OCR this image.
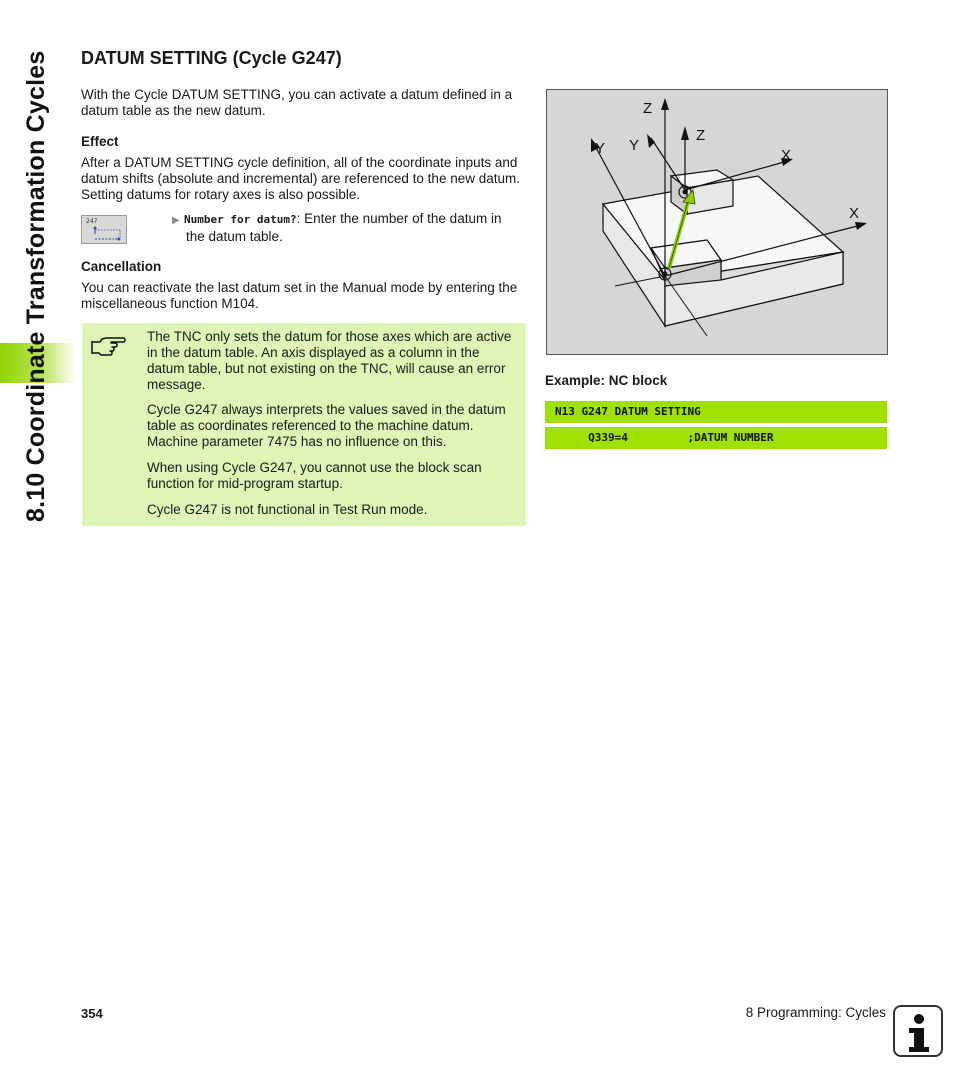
8.10 Coordinate Transformation Cycles DATUM SETTING (Cycle G247)

With the Cycle DATUM SETTING, you can activate a datum defined in a datum table as the new datum.

Effect

After a DATUM SETTING cycle definition, all of the coordinate inputs and datum shifts (absolute and incremental) are referenced to the new datum. Setting datums for rotary axes is also possible.

247	▶ Number for datum?: Enter the number of the datum in
the datum table.
Cancellation

You can reactivate the last datum set in the Manual mode by entering the miscellaneous function M104.

The TNC only sets the datum for those axes which are active in the datum table. An axis displayed as a column in the datum table, but not existing on the TNC, will cause an error message.

Cycle G247 always interprets the values saved in the datum table as coordinates referenced to the machine datum. Machine parameter 7475 has no influence on this.

When using Cycle G247, you cannot use the block scan function for mid-program startup.

Cycle G247 is not functional in Test Run mode.

Z
Y Y
Z
X
X
Example: NC block
N13 G247 DATUM SETTING
Q339=4         ;DATUM NUMBER
354	8 Programming: Cycles
